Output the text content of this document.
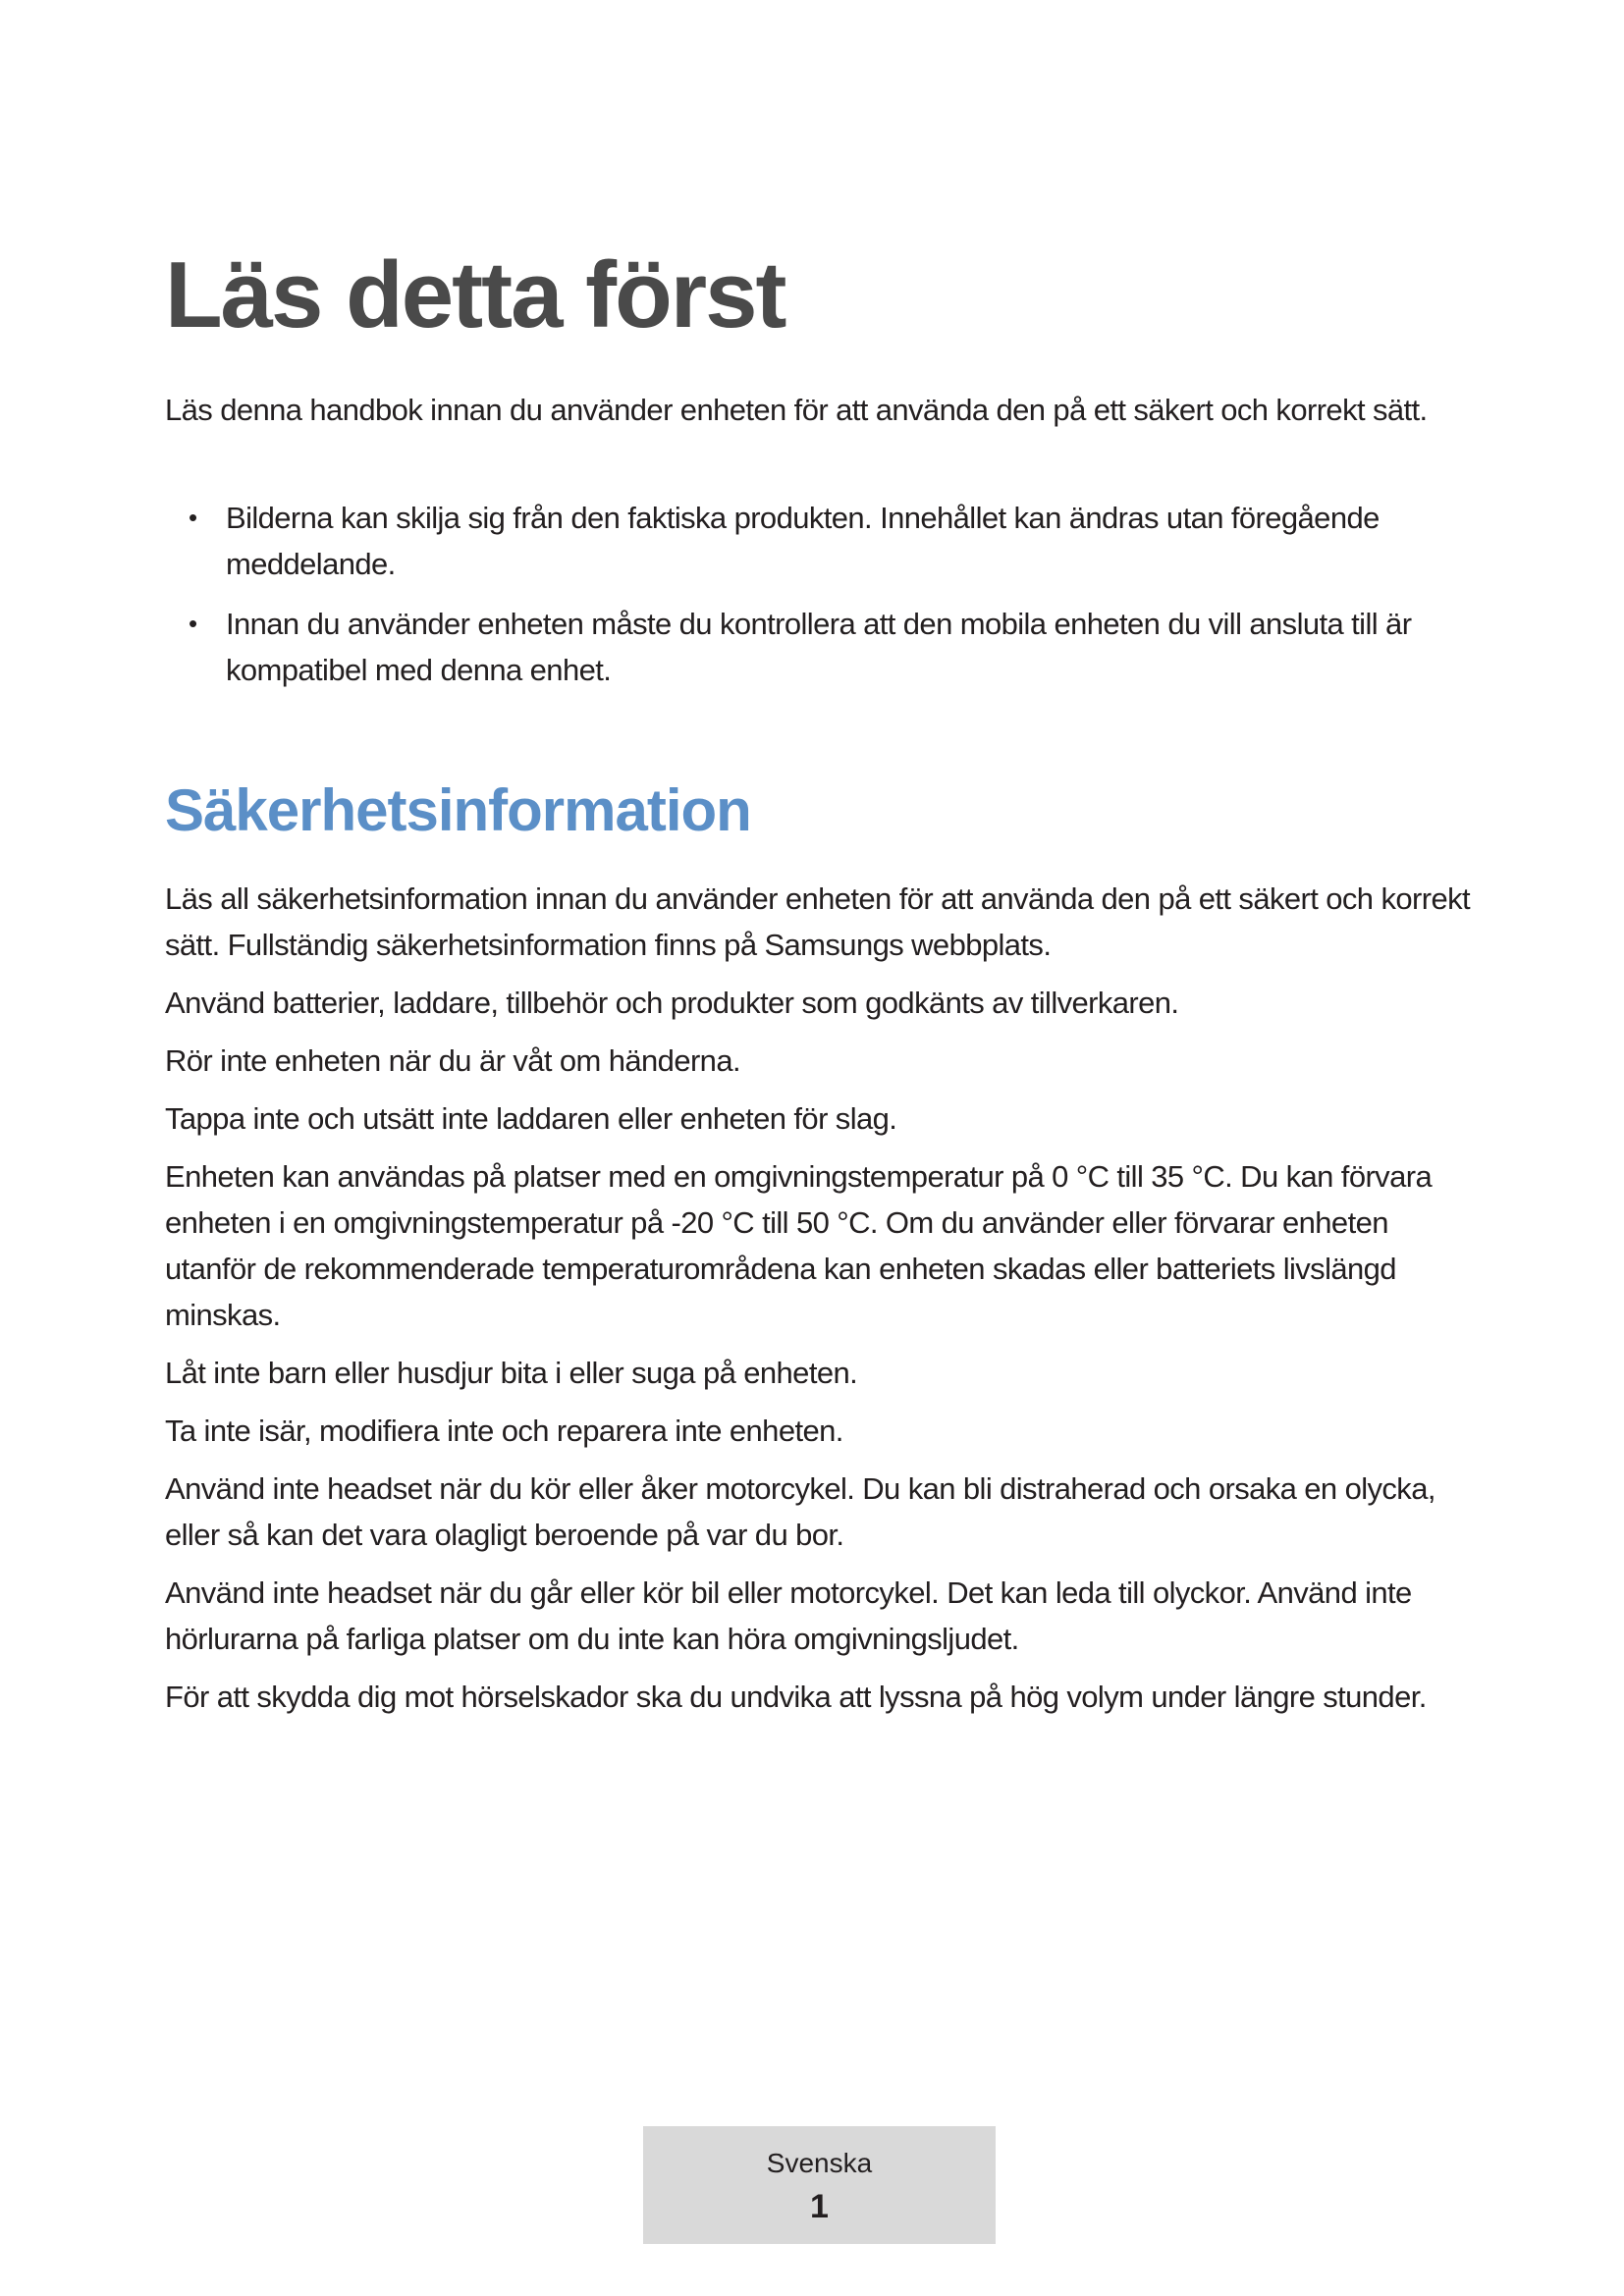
Läs detta först

Läs denna handbok innan du använder enheten för att använda den på ett säkert och korrekt sätt.

• Bilderna kan skilja sig från den faktiska produkten. Innehållet kan ändras utan föregående meddelande.
• Innan du använder enheten måste du kontrollera att den mobila enheten du vill ansluta till är kompatibel med denna enhet.
Säkerhetsinformation

Läs all säkerhetsinformation innan du använder enheten för att använda den på ett säkert och korrekt sätt. Fullständig säkerhetsinformation finns på Samsungs webbplats.

Använd batterier, laddare, tillbehör och produkter som godkänts av tillverkaren.

Rör inte enheten när du är våt om händerna.

Tappa inte och utsätt inte laddaren eller enheten för slag.

Enheten kan användas på platser med en omgivningstemperatur på 0 °C till 35 °C. Du kan förvara enheten i en omgivningstemperatur på -20 °C till 50 °C. Om du använder eller förvarar enheten utanför de rekommenderade temperaturområdena kan enheten skadas eller batteriets livslängd minskas.

Låt inte barn eller husdjur bita i eller suga på enheten.

Ta inte isär, modifiera inte och reparera inte enheten.

Använd inte headset när du kör eller åker motorcykel. Du kan bli distraherad och orsaka en olycka, eller så kan det vara olagligt beroende på var du bor.

Använd inte headset när du går eller kör bil eller motorcykel. Det kan leda till olyckor. Använd inte hörlurarna på farliga platser om du inte kan höra omgivningsljudet.

För att skydda dig mot hörselskador ska du undvika att lyssna på hög volym under längre stunder.

Svenska
1
